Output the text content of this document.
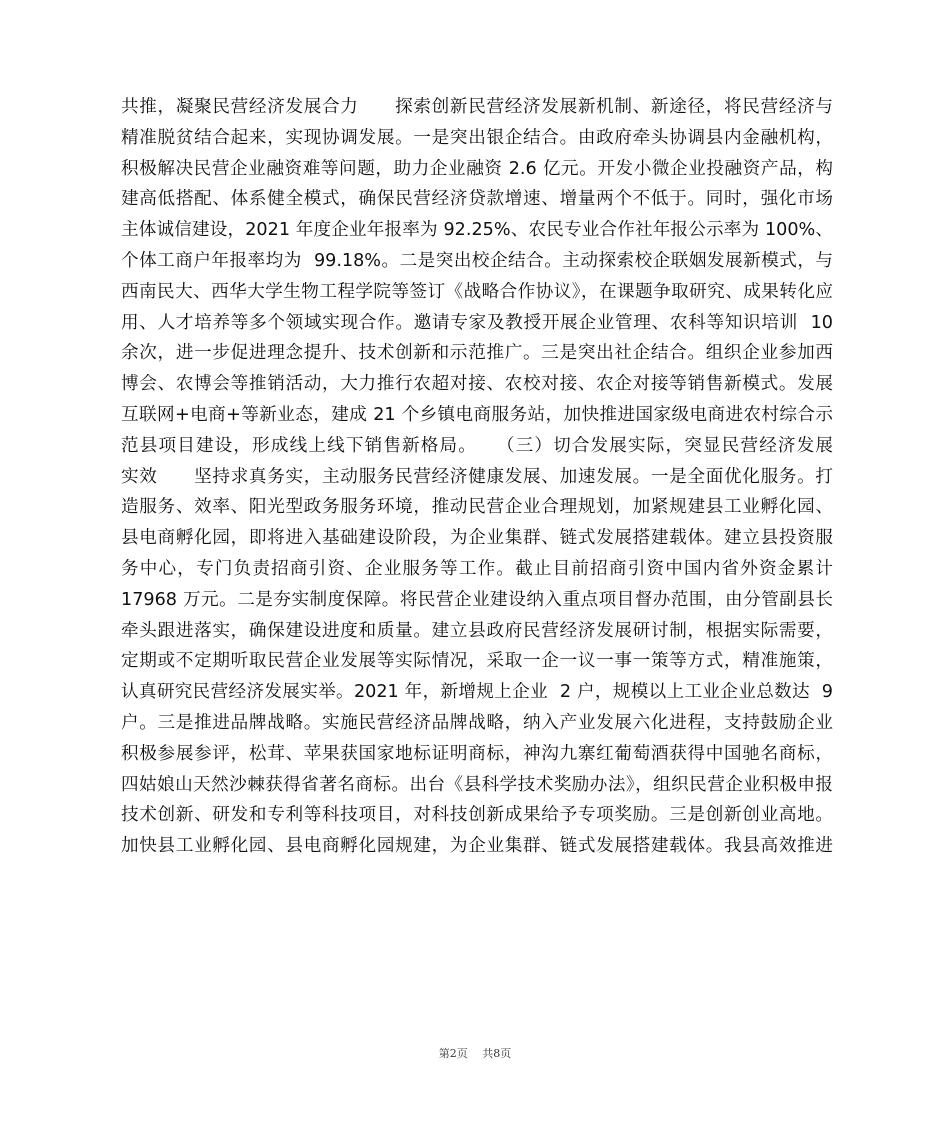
共推，凝聚民营经济发展合力　　探索创新民营经济发展新机制、新途径，将民营经济与
精准脱贫结合起来，实现协调发展。一是突出银企结合。由政府牵头协调县内金融机构，
积极解决民营企业融资难等问题，助力企业融资 2.6 亿元。开发小微企业投融资产品，构
建高低搭配、体系健全模式，确保民营经济贷款增速、增量两个不低于。同时，强化市场
主体诚信建设，2021 年度企业年报率为 92.25%、农民专业合作社年报公示率为 100%、
个体工商户年报率均为  99.18%。二是突出校企结合。主动探索校企联姻发展新模式，与
西南民大、西华大学生物工程学院等签订《战略合作协议》，在课题争取研究、成果转化应
用、人才培养等多个领域实现合作。邀请专家及教授开展企业管理、农科等知识培训  10
余次，进一步促进理念提升、技术创新和示范推广。三是突出社企结合。组织企业参加西
博会、农博会等推销活动，大力推行农超对接、农校对接、农企对接等销售新模式。发展
互联网+电商+等新业态，建成 21 个乡镇电商服务站，加快推进国家级电商进农村综合示
范县项目建设，形成线上线下销售新格局。　　（三）切合发展实际，突显民营经济发展
实效　　坚持求真务实，主动服务民营经济健康发展、加速发展。一是全面优化服务。打
造服务、效率、阳光型政务服务环境，推动民营企业合理规划，加紧规建县工业孵化园、
县电商孵化园，即将进入基础建设阶段，为企业集群、链式发展搭建载体。建立县投资服
务中心，专门负责招商引资、企业服务等工作。截止目前招商引资中国内省外资金累计
17968 万元。二是夯实制度保障。将民营企业建设纳入重点项目督办范围，由分管副县长
牵头跟进落实，确保建设进度和质量。建立县政府民营经济发展研讨制，根据实际需要，
定期或不定期听取民营企业发展等实际情况，采取一企一议一事一策等方式，精准施策，
认真研究民营经济发展实举。2021 年，新增规上企业  2 户，规模以上工业企业总数达  9
户。三是推进品牌战略。实施民营经济品牌战略，纳入产业发展六化进程，支持鼓励企业
积极参展参评，松茸、苹果获国家地标证明商标，神沟九寨红葡萄酒获得中国驰名商标，
四姑娘山天然沙棘获得省著名商标。出台《县科学技术奖励办法》，组织民营企业积极申报
技术创新、研发和专利等科技项目，对科技创新成果给予专项奖励。三是创新创业高地。
加快县工业孵化园、县电商孵化园规建，为企业集群、链式发展搭建载体。我县高效推进
第2页　 共8页
